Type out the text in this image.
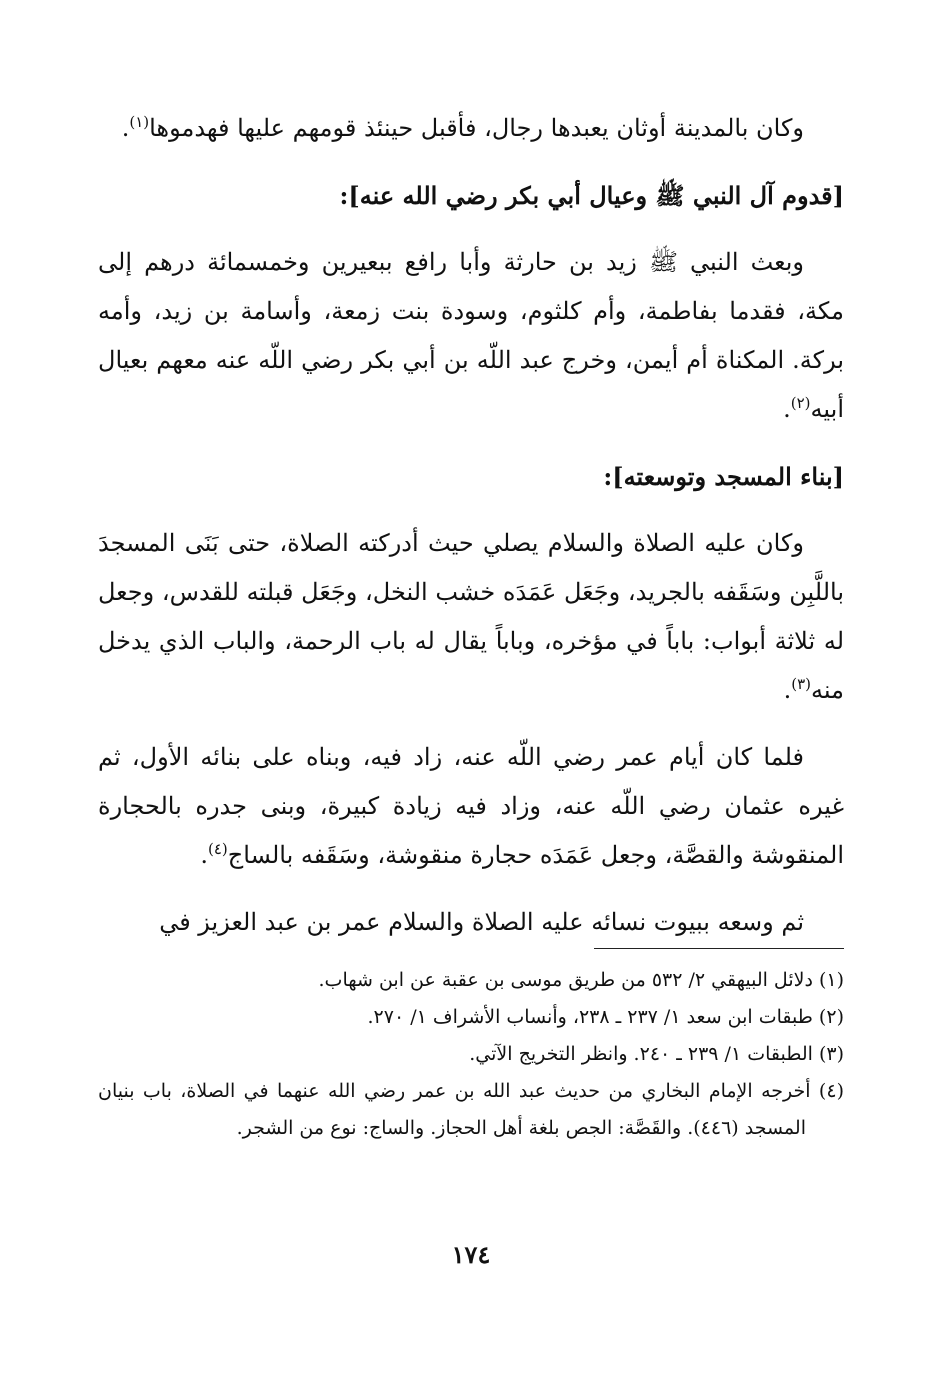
وكان بالمدينة أوثان يعبدها رجال، فأقبل حينئذ قومهم عليها فهدموها$^{(١)}$.

[قدوم آل النبي ﷺ وعيال أبي بكر رضي الله عنه]:

وبعث النبي ﷺ زيد بن حارثة وأبا رافع ببعيرين وخمسمائة درهم إلى مكة، فقدما بفاطمة، وأم كلثوم، وسودة بنت زمعة، وأسامة بن زيد، وأمه بركة. المكناة أم أيمن، وخرج عبد اللّه بن أبي بكر رضي اللّه عنه معهم بعيال أبيه$^{(٢)}$.

[بناء المسجد وتوسعته]:

وكان عليه الصلاة والسلام يصلي حيث أدركته الصلاة، حتى بَنَى المسجدَ باللَّبِن وسَقَفه بالجريد، وجَعَل عَمَدَه خشب النخل، وجَعَل قبلته للقدس، وجعل له ثلاثة أبواب: باباً في مؤخره، وباباً يقال له باب الرحمة، والباب الذي يدخل منه$^{(٣)}$.

فلما كان أيام عمر رضي اللّه عنه، زاد فيه، وبناه على بنائه الأول، ثم غيره عثمان رضي اللّه عنه، وزاد فيه زيادة كبيرة، وبنى جدره بالحجارة المنقوشة والقصَّة، وجعل عَمَدَه حجارة منقوشة، وسَقَفه بالساج$^{(٤)}$.

ثم وسعه ببيوت نسائه عليه الصلاة والسلام عمر بن عبد العزيز في

(١) دلائل البيهقي ٢/ ٥٣٢ من طريق موسى بن عقبة عن ابن شهاب.

(٢) طبقات ابن سعد ١/ ٢٣٧ ـ ٢٣٨، وأنساب الأشراف ١/ ٢٧٠.

(٣) الطبقات ١/ ٢٣٩ ـ ٢٤٠. وانظر التخريج الآتي.

(٤) أخرجه الإمام البخاري من حديث عبد الله بن عمر رضي الله عنهما في الصلاة، باب بنيان المسجد (٤٤٦). والقَصَّة: الجص بلغة أهل الحجاز. والساج: نوع من الشجر.

١٧٤
